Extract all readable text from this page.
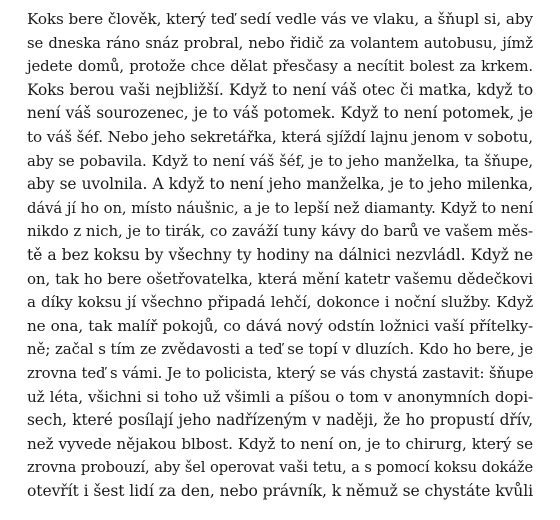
Koks bere člověk, který teď sedí vedle vás ve vlaku, a šňupl si, aby
se dneska ráno snáz probral, nebo řidič za volantem autobusu, jímž
jedete domů, protože chce dělat přesčasy a necítit bolest za krkem.
Koks berou vaši nejbližší. Když to není váš otec či matka, když to
není váš sourozenec, je to váš potomek. Když to není potomek, je
to váš šéf. Nebo jeho sekretářka, která sjíždí lajnu jenom v sobotu,
aby se pobavila. Když to není váš šéf, je to jeho manželka, ta šňupe,
aby se uvolnila. A když to není jeho manželka, je to jeho milenka,
dává jí ho on, místo náušnic, a je to lepší než diamanty. Když to není
nikdo z nich, je to tirák, co zaváží tuny kávy do barů ve vašem měs-
tě a bez koksu by všechny ty hodiny na dálnici nezvládl. Když ne
on, tak ho bere ošetřovatelka, která mění katetr vašemu dědečkovi
a díky koksu jí všechno připadá lehčí, dokonce i noční služby. Když
ne ona, tak malíř pokojů, co dává nový odstín ložnici vaší přítelky-
ně; začal s tím ze zvědavosti a teď se topí v dluzích. Kdo ho bere, je
zrovna teď s vámi. Je to policista, který se vás chystá zastavit: šňupe
už léta, všichni si toho už všimli a píšou o tom v anonymních dopi-
sech, které posílají jeho nadřízeným v naději, že ho propustí dřív,
než vyvede nějakou blbost. Když to není on, je to chirurg, který se
zrovna probouzí, aby šel operovat vaši tetu, a s pomocí koksu dokáže
otevřít i šest lidí za den, nebo právník, k němuž se chystáte kvůli
